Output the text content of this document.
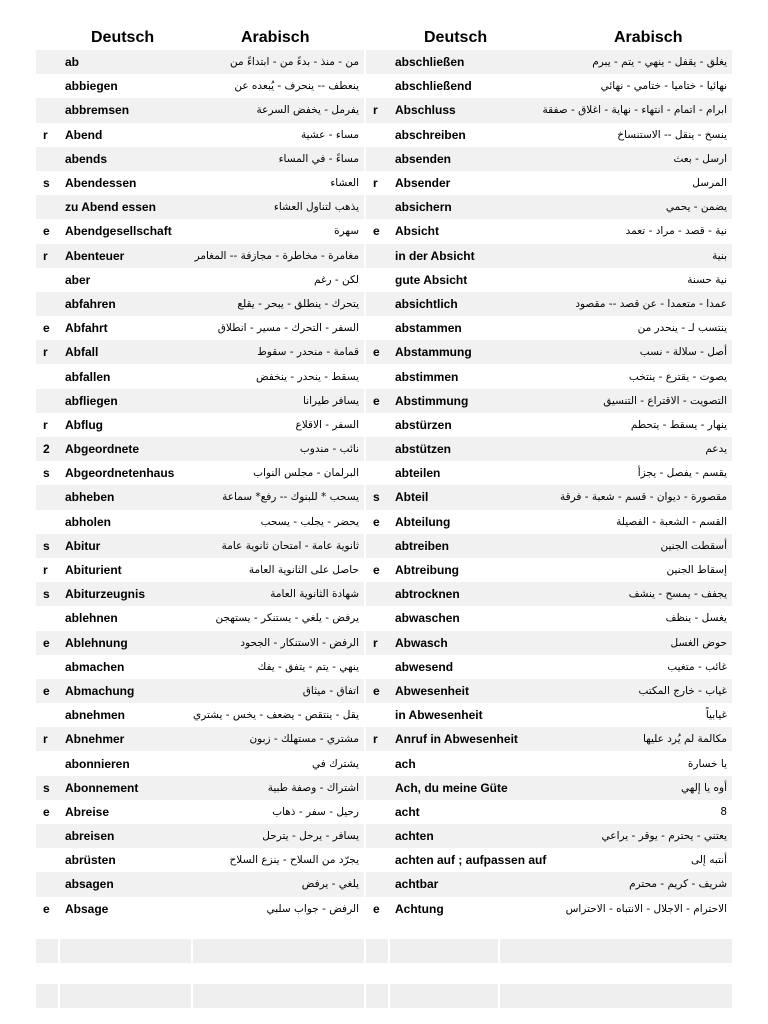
Deutsch	Arabisch	Deutsch	Arabisch
ab	من - منذ - بدءً من - ابتداءً من	abschließen	يغلق - يقفل - ينهي - يتم - يبرم
abbiegen	ينعطف -- ينحرف - يُبعده عن	abschließend	نهائيا - ختاميا - ختامي - نهائي
abbremsen	يفرمل - يخفض السرعة	r	Abschluss	ابرام - اتمام - انتهاء - نهاية - اغلاق - صفقة
r	Abend	مساء - عشية	abschreiben	ينسخ - ينقل -- الاستنساخ
abends	مساءً - في المساء	absenden	ارسل - بعث
s	Abendessen	العشاء	r	Absender	المرسل
zu Abend essen	يذهب لتناول العشاء	absichern	يضمن - يحمي
e	Abendgesellschaft	سهرة	e	Absicht	نية - قصد - مراد - تعمد
r	Abenteuer	مغامرة - مخاطرة - مجازفة -- المغامر	in der Absicht	بنية
aber	لكن - رغم	gute Absicht	نية حسنة
abfahren	يتحرك - ينطلق - يبحر - يقلع	absichtlich	عمدا - متعمدا - عن قصد -- مقصود
e	Abfahrt	السفر - التحرك - مسير - انطلاق	abstammen	ينتسب لـ - ينحدر من
r	Abfall	قمامة - منحدر - سقوط	e	Abstammung	أصل - سلالة - نسب
abfallen	يسقط - ينحدر - ينخفض	abstimmen	يصوت - يقترع - ينتخب
abfliegen	يسافر طيرانا	e	Abstimmung	التصويت - الاقتراع - التنسيق
r	Abflug	السفر - الاقلاع	abstürzen	ينهار - يسقط - يتحطم
2	Abgeordnete	نائب - مندوب	abstützen	يدعم
s	Abgeordnetenhaus	البرلمان - مجلس النواب	abteilen	يقسم - يفصل - يجزأ
abheben	يسحب * للبنوك -- رفع* سماعة	s	Abteil	مقصورة - ديوان - قسم - شعبة - فرقة
abholen	يحضر - يجلب - يسحب	e	Abteilung	القسم - الشعبة - الفصيلة
s	Abitur	ثانوية عامة - امتحان ثانوية عامة	abtreiben	أسقطت الجنين
r	Abiturient	حاصل على الثانوية العامة	e	Abtreibung	إسقاط الجنين
s	Abiturzeugnis	شهادة الثانوية العامة	abtrocknen	يجفف - يمسح - ينشف
ablehnen	يرفض - يلغي - يستنكر - يستهجن	abwaschen	يغسل - ينظف
e	Ablehnung	الرفض - الاستنكار - الجحود	r	Abwasch	حوض الغسل
abmachen	ينهي - يتم - يتفق - يفك	abwesend	غائب - متغيب
e	Abmachung	اتفاق - ميثاق	e	Abwesenheit	غياب - خارج المكتب
abnehmen	يقل - ينتقص - يضعف - يخس - يشتري	in Abwesenheit	غيابياً
r	Abnehmer	مشتري - مستهلك - زبون	r	Anruf in Abwesenheit	مكالمة لم يُرد عليها
abonnieren	يشترك في	ach	يا خسارة
s	Abonnement	اشتراك - وصفة طبية	Ach, du meine Güte	أوه يا إلهي
e	Abreise	رحيل - سفر - ذهاب	acht	8
abreisen	يسافر - يرحل - يترحل	achten	يعتني - يحترم - يوقر - يراعي
abrüsten	يجرّد من السلاح - ينزع السلاح	achten auf ; aufpassen auf	أنتبه إلى
absagen	يلغي - يرفض	achtbar	شريف - كريم - محترم
e	Absage	الرفض - جواب سلبي	e	Achtung	الاحترام - الاجلال - الانتباه - الاحتراس
